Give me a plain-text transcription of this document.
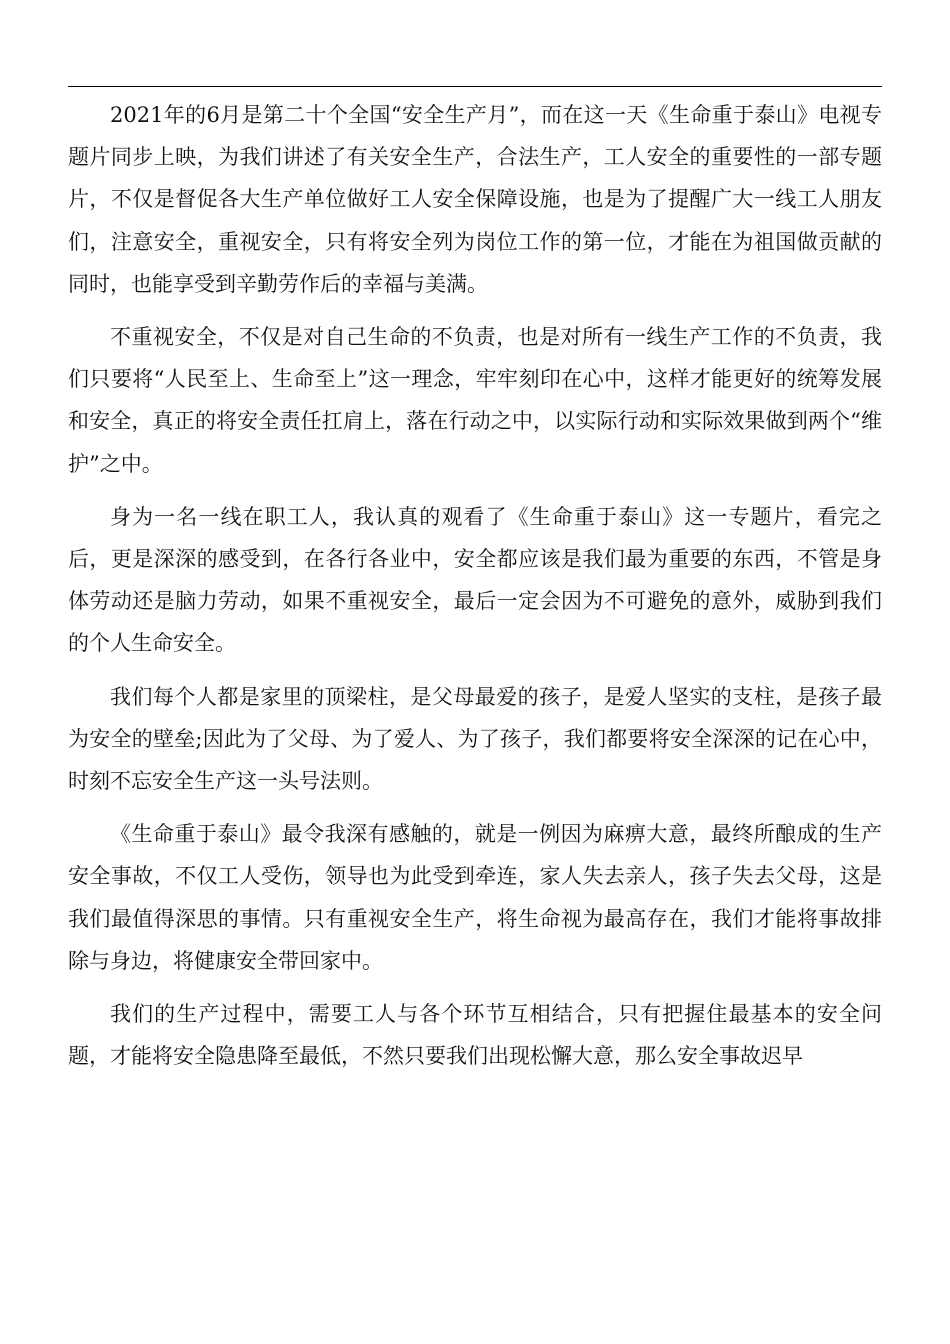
2021年的6月是第二十个全国“安全生产月”，而在这一天《生命重于泰山》电视专题片同步上映，为我们讲述了有关安全生产，合法生产，工人安全的重要性的一部专题片，不仅是督促各大生产单位做好工人安全保障设施，也是为了提醒广大一线工人朋友们，注意安全，重视安全，只有将安全列为岗位工作的第一位，才能在为祖国做贡献的同时，也能享受到辛勤劳作后的幸福与美满。

不重视安全，不仅是对自己生命的不负责，也是对所有一线生产工作的不负责，我们只要将“人民至上、生命至上”这一理念，牢牢刻印在心中，这样才能更好的统筹发展和安全，真正的将安全责任扛肩上，落在行动之中，以实际行动和实际效果做到两个“维护”之中。

身为一名一线在职工人，我认真的观看了《生命重于泰山》这一专题片，看完之后，更是深深的感受到，在各行各业中，安全都应该是我们最为重要的东西，不管是身体劳动还是脑力劳动，如果不重视安全，最后一定会因为不可避免的意外，威胁到我们的个人生命安全。

我们每个人都是家里的顶梁柱，是父母最爱的孩子，是爱人坚实的支柱，是孩子最为安全的壁垒;因此为了父母、为了爱人、为了孩子，我们都要将安全深深的记在心中，时刻不忘安全生产这一头号法则。

《生命重于泰山》最令我深有感触的，就是一例因为麻痹大意，最终所酿成的生产安全事故，不仅工人受伤，领导也为此受到牵连，家人失去亲人，孩子失去父母，这是我们最值得深思的事情。只有重视安全生产，将生命视为最高存在，我们才能将事故排除与身边，将健康安全带回家中。

我们的生产过程中，需要工人与各个环节互相结合，只有把握住最基本的安全问题，才能将安全隐患降至最低，不然只要我们出现松懈大意，那么安全事故迟早
